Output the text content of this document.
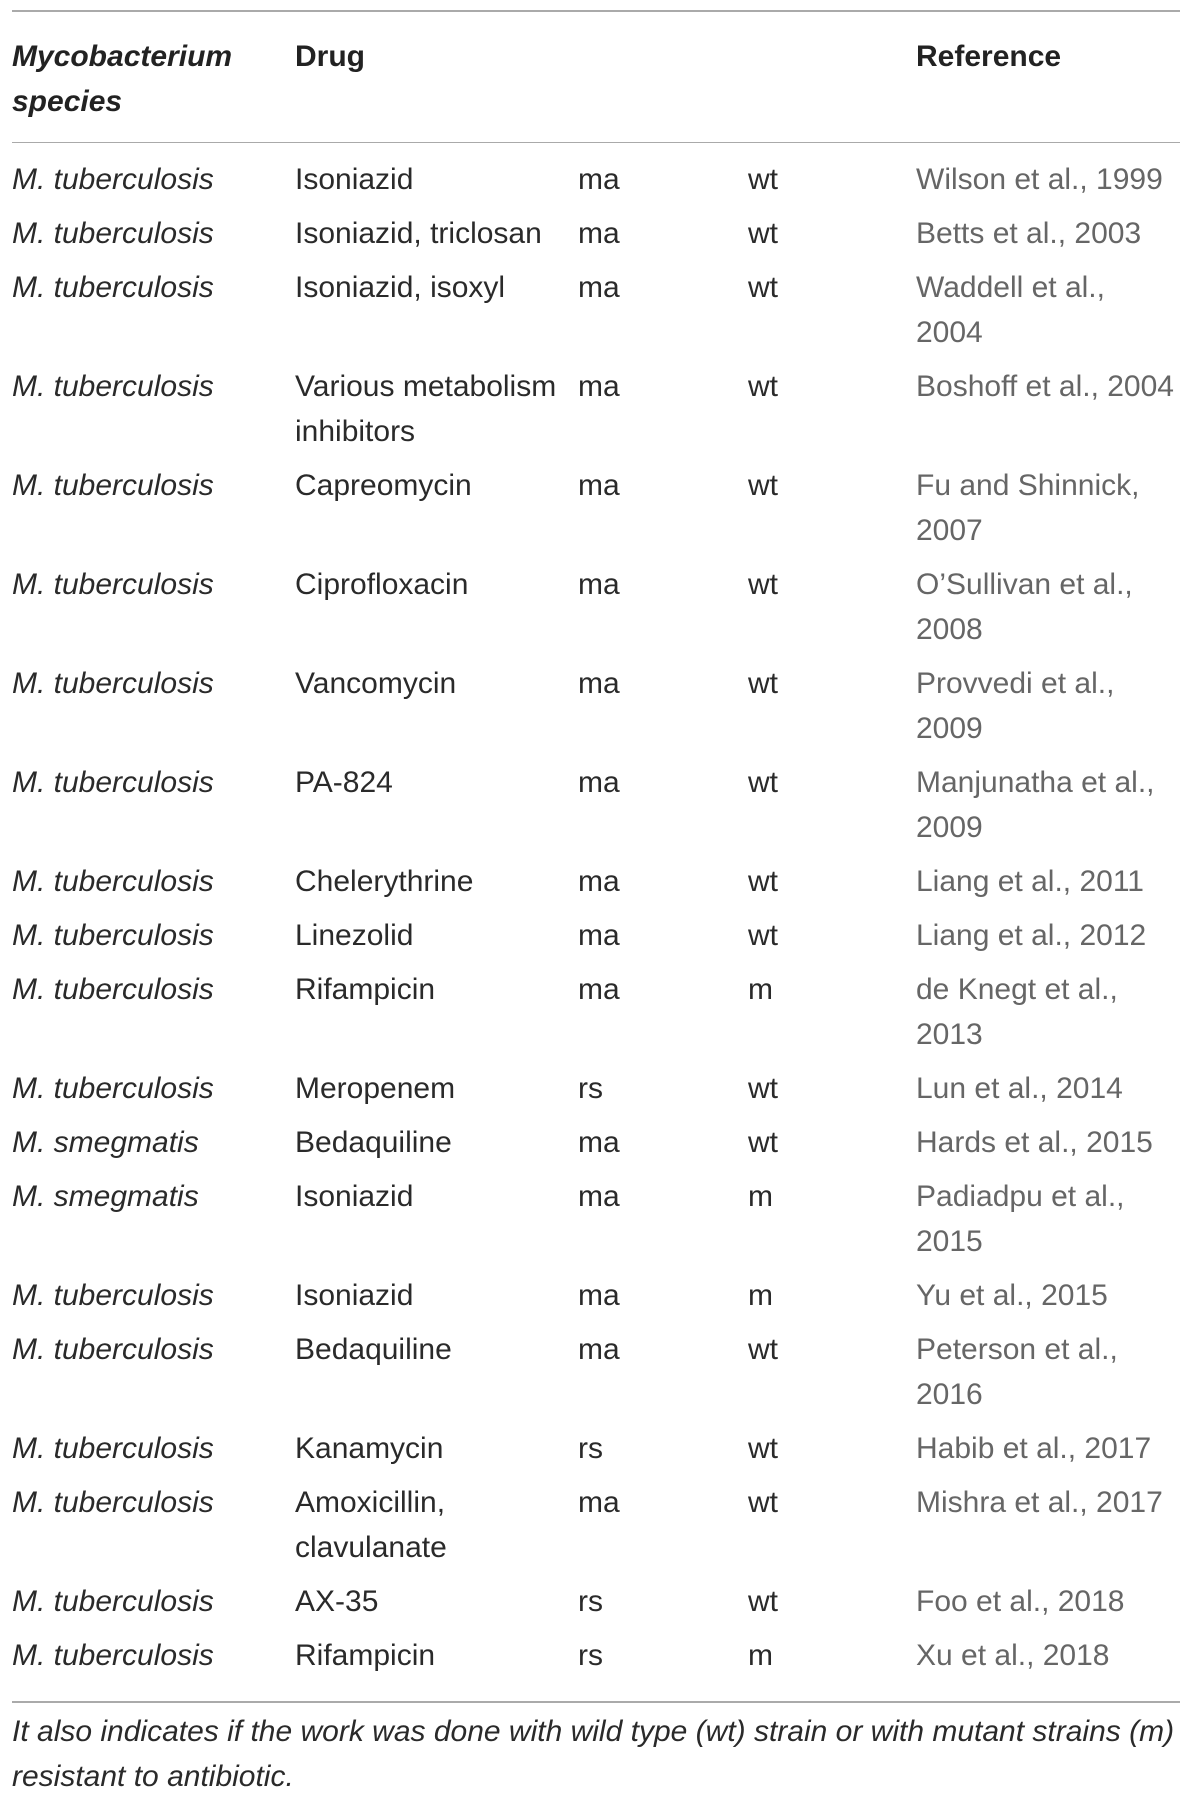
Mycobacterium species	Drug			Reference
M. tuberculosis	Isoniazid	ma	wt	Wilson et al., 1999
M. tuberculosis	Isoniazid, triclosan	ma	wt	Betts et al., 2003
M. tuberculosis	Isoniazid, isoxyl	ma	wt	Waddell et al., 2004
M. tuberculosis	Various metabolism inhibitors	ma	wt	Boshoff et al., 2004
M. tuberculosis	Capreomycin	ma	wt	Fu and Shinnick, 2007
M. tuberculosis	Ciprofloxacin	ma	wt	O’Sullivan et al., 2008
M. tuberculosis	Vancomycin	ma	wt	Provvedi et al., 2009
M. tuberculosis	PA-824	ma	wt	Manjunatha et al., 2009
M. tuberculosis	Chelerythrine	ma	wt	Liang et al., 2011
M. tuberculosis	Linezolid	ma	wt	Liang et al., 2012
M. tuberculosis	Rifampicin	ma	m	de Knegt et al., 2013
M. tuberculosis	Meropenem	rs	wt	Lun et al., 2014
M. smegmatis	Bedaquiline	ma	wt	Hards et al., 2015
M. smegmatis	Isoniazid	ma	m	Padiadpu et al., 2015
M. tuberculosis	Isoniazid	ma	m	Yu et al., 2015
M. tuberculosis	Bedaquiline	ma	wt	Peterson et al., 2016
M. tuberculosis	Kanamycin	rs	wt	Habib et al., 2017
M. tuberculosis	Amoxicillin, clavulanate	ma	wt	Mishra et al., 2017
M. tuberculosis	AX-35	rs	wt	Foo et al., 2018
M. tuberculosis	Rifampicin	rs	m	Xu et al., 2018
It also indicates if the work was done with wild type (wt) strain or with mutant strains (m) resistant to antibiotic.
